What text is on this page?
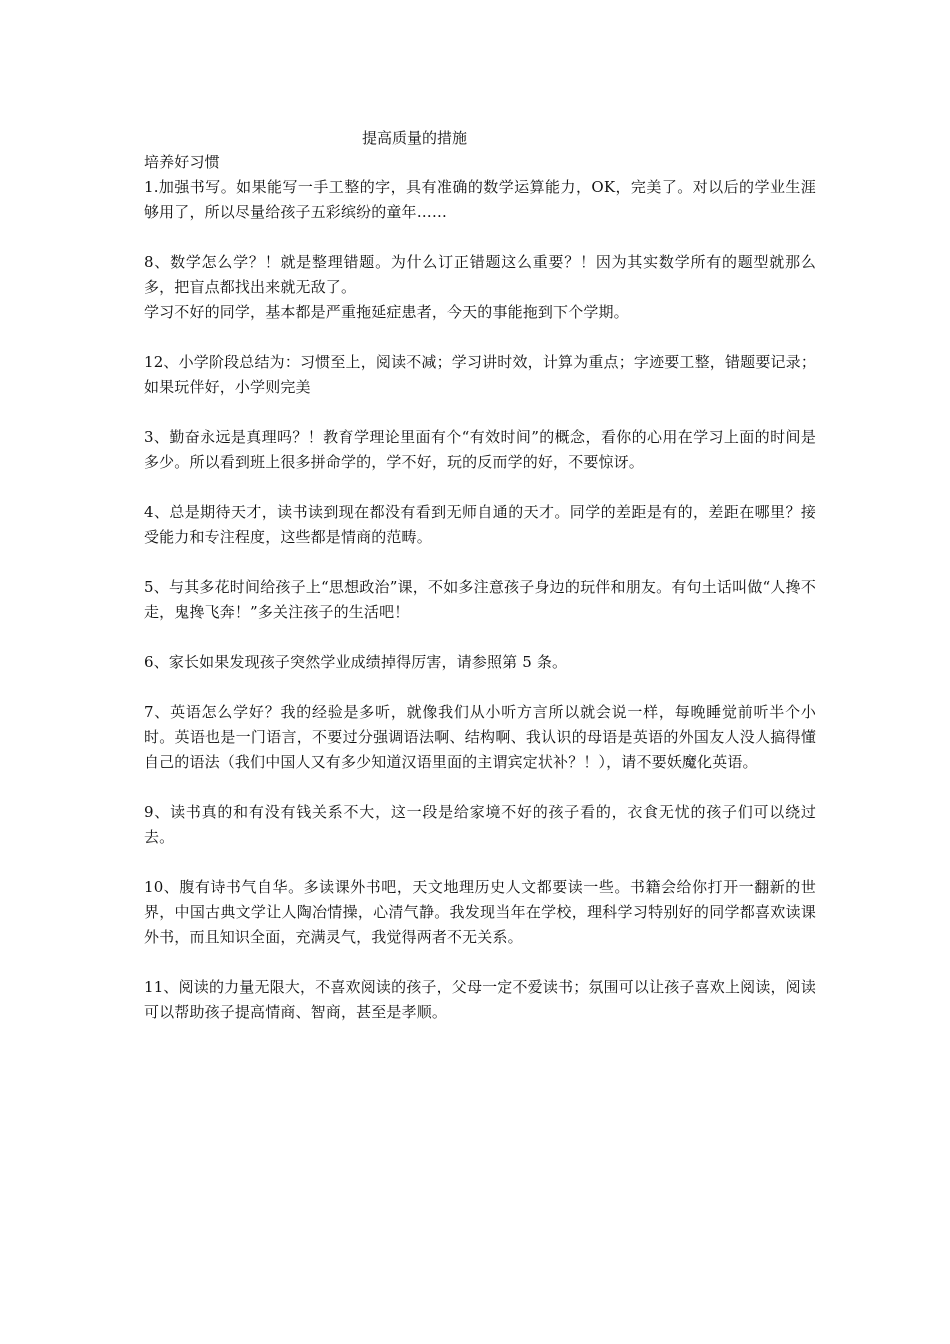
提高质量的措施

培养好习惯

1.加强书写。如果能写一手工整的字，具有准确的数学运算能力，OK，完美了。对以后的学业生涯够用了，所以尽量给孩子五彩缤纷的童年……

8、数学怎么学？！就是整理错题。为什么订正错题这么重要？！因为其实数学所有的题型就那么多，把盲点都找出来就无敌了。

学习不好的同学，基本都是严重拖延症患者，今天的事能拖到下个学期。

12、小学阶段总结为：习惯至上，阅读不减；学习讲时效，计算为重点；字迹要工整，错题要记录；如果玩伴好，小学则完美

3、勤奋永远是真理吗？！教育学理论里面有个“有效时间”的概念，看你的心用在学习上面的时间是多少。所以看到班上很多拼命学的，学不好，玩的反而学的好，不要惊讶。

4、总是期待天才，读书读到现在都没有看到无师自通的天才。同学的差距是有的，差距在哪里？接受能力和专注程度，这些都是情商的范畴。

5、与其多花时间给孩子上“思想政治”课，不如多注意孩子身边的玩伴和朋友。有句土话叫做“人搀不走，鬼搀飞奔！”多关注孩子的生活吧！

6、家长如果发现孩子突然学业成绩掉得厉害，请参照第 5 条。

7、英语怎么学好？我的经验是多听，就像我们从小听方言所以就会说一样，每晚睡觉前听半个小时。英语也是一门语言，不要过分强调语法啊、结构啊、我认识的母语是英语的外国友人没人搞得懂自己的语法（我们中国人又有多少知道汉语里面的主谓宾定状补？！），请不要妖魔化英语。

9、读书真的和有没有钱关系不大，这一段是给家境不好的孩子看的，衣食无忧的孩子们可以绕过去。

10、腹有诗书气自华。多读课外书吧，天文地理历史人文都要读一些。书籍会给你打开一翻新的世界，中国古典文学让人陶冶情操，心清气静。我发现当年在学校，理科学习特别好的同学都喜欢读课外书，而且知识全面，充满灵气，我觉得两者不无关系。

11、阅读的力量无限大，不喜欢阅读的孩子，父母一定不爱读书；氛围可以让孩子喜欢上阅读，阅读可以帮助孩子提高情商、智商，甚至是孝顺。
